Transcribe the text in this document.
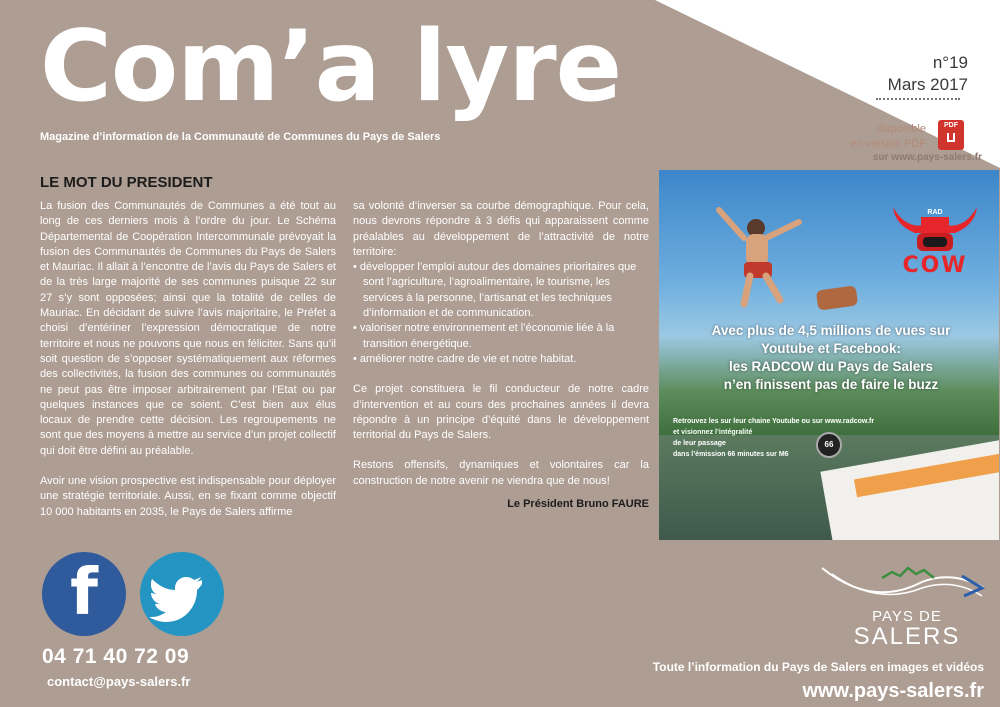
Com’a lyre
Magazine d’information de la Communauté de Communes du Pays de Salers
n°19
Mars 2017
disponible
en version PDF
PDF
sur www.pays-salers.fr
LE MOT DU PRESIDENT

La fusion des Communautés de Communes a été tout au long de ces derniers mois à l’ordre du jour. Le Schéma Départemental de Coopération Intercommunale prévoyait la fusion des Communautés de Communes du Pays de Salers et Mauriac. Il allait à l’encontre de l’avis du Pays de Salers et de la très large majorité de ses communes puisque 22 sur 27 s’y sont opposées; ainsi que la totalité de celles de Mauriac. En décidant de suivre l’avis majoritaire, le Préfet a choisi d’entériner l’expression démocratique de notre territoire et nous ne pouvons que nous en féliciter. Sans qu’il soit question de s’opposer systématiquement aux réformes des collectivités, la fusion des communes ou communautés ne peut pas être imposer arbitrairement par l’Etat ou par quelques instances que ce soient. C’est bien aux élus locaux de prendre cette décision. Les regroupements ne sont que des moyens à mettre au service d’un projet collectif qui doit être défini au préalable.

Avoir une vision prospective est indispensable pour déployer une stratégie territoriale. Aussi, en se fixant comme objectif 10 000 habitants en 2035, le Pays de Salers affirme

sa volonté d’inverser sa courbe démographique. Pour cela, nous devrons répondre à 3 défis qui apparaissent comme préalables au développement de l’attractivité de notre territoire:

• développer l’emploi autour des domaines prioritaires que sont l’agriculture, l’agroalimentaire, le tourisme, les services à la personne, l’artisanat et les techniques d’information et de communication.
• valoriser notre environnement et l’économie liée à la transition énergétique.
• améliorer notre cadre de vie et notre habitat.

Ce projet constituera le fil conducteur de notre cadre d’intervention et au cours des prochaines années il devra répondre à un principe d’équité dans le développement territorial du Pays de Salers.

Restons offensifs, dynamiques et volontaires car la construction de notre avenir ne viendra que de nous!

Le Président Bruno FAURE
RAD
COW
Avec plus de 4,5 millions de vues sur
Youtube et Facebook:
les RADCOW du Pays de Salers
n’en finissent pas de faire le buzz
Retrouvez les sur leur chaine Youtube ou sur www.radcow.fr
et visionnez l’intégralité
de leur passage
dans l’émission 66 minutes sur M6
66
f
04 71 40 72 09
contact@pays-salers.fr
PAYS DE
SALERS
Toute l’information du Pays de Salers en images et vidéos
www.pays-salers.fr
